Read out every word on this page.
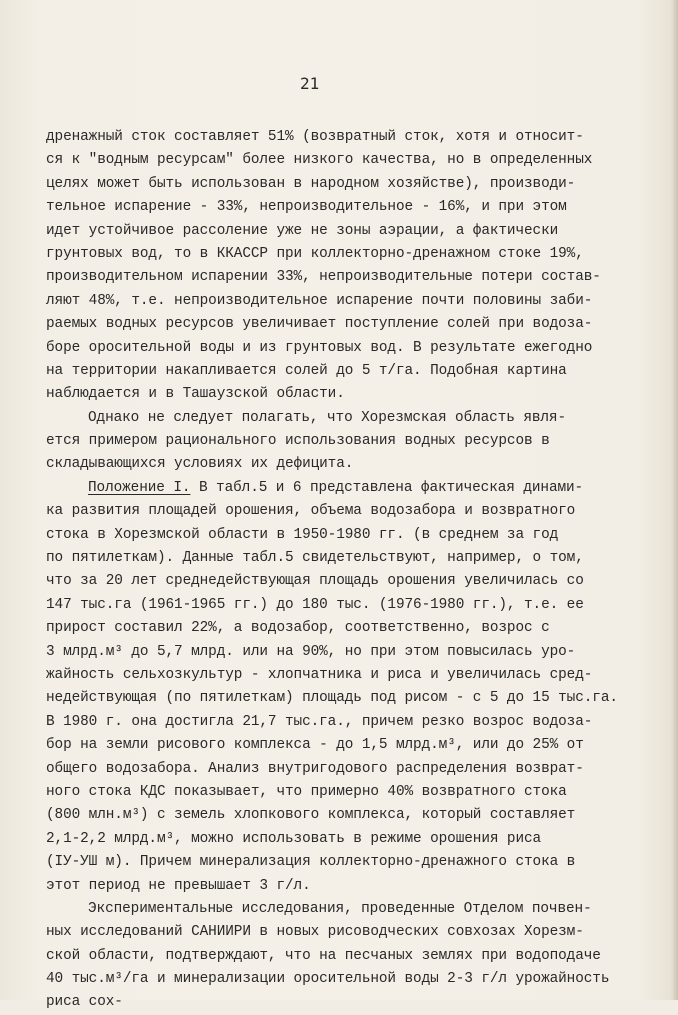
21
дренажный сток составляет 51% (возвратный сток, хотя и относит-
ся к "водным ресурсам" более низкого качества, но в определенных
целях может быть использован в народном хозяйстве), производи-
тельное испарение - 33%, непроизводительное - 16%, и при этом
идет устойчивое рассоление уже не зоны аэрации, а фактически
грунтовых вод, то в ККАССР при коллекторно-дренажном стоке 19%,
производительном испарении 33%, непроизводительные потери состав-
ляют 48%, т.е. непроизводительное испарение почти половины заби-
раемых водных ресурсов увеличивает поступление солей при водоза-
боре оросительной воды и из грунтовых вод. В результате ежегодно
на территории накапливается солей до 5 т/га. Подобная картина
наблюдается и в Ташаузской области.
Однако не следует полагать, что Хорезмская область явля-
ется примером рационального использования водных ресурсов в
складывающихся условиях их дефицита.
Положение I. В табл.5 и 6 представлена фактическая динами-
ка развития площадей орошения, объема водозабора и возвратного
стока в Хорезмской области в 1950-1980 гг. (в среднем за год
по пятилеткам). Данные табл.5 свидетельствуют, например, о том,
что за 20 лет среднедействующая площадь орошения увеличилась со
147 тыс.га (1961-1965 гг.) до 180 тыс. (1976-1980 гг.), т.е. ее
прирост составил 22%, а водозабор, соответственно, возрос с
3 млрд.м³ до 5,7 млрд. или на 90%, но при этом повысилась уро-
жайность сельхозкультур - хлопчатника и риса и увеличилась сред-
недействующая (по пятилеткам) площадь под рисом - с 5 до 15 тыс.га.
В 1980 г. она достигла 21,7 тыс.га., причем резко возрос водоза-
бор на земли рисового комплекса - до 1,5 млрд.м³, или до 25% от
общего водозабора. Анализ внутригодового распределения возврат-
ного стока КДС показывает, что примерно 40% возвратного стока
(800 млн.м³) с земель хлопкового комплекса, который составляет
2,1-2,2 млрд.м³, можно использовать в режиме орошения риса
(IУ-УШ м). Причем минерализация коллекторно-дренажного стока в
этот период не превышает 3 г/л.
Экспериментальные исследования, проведенные Отделом почвен-
ных исследований САНИИРИ в новых рисоводческих совхозах Хорезм-
ской области, подтверждают, что на песчаных землях при водоподаче
40 тыс.м³/га и минерализации оросительной воды 2-3 г/л урожайность
риса сох-
